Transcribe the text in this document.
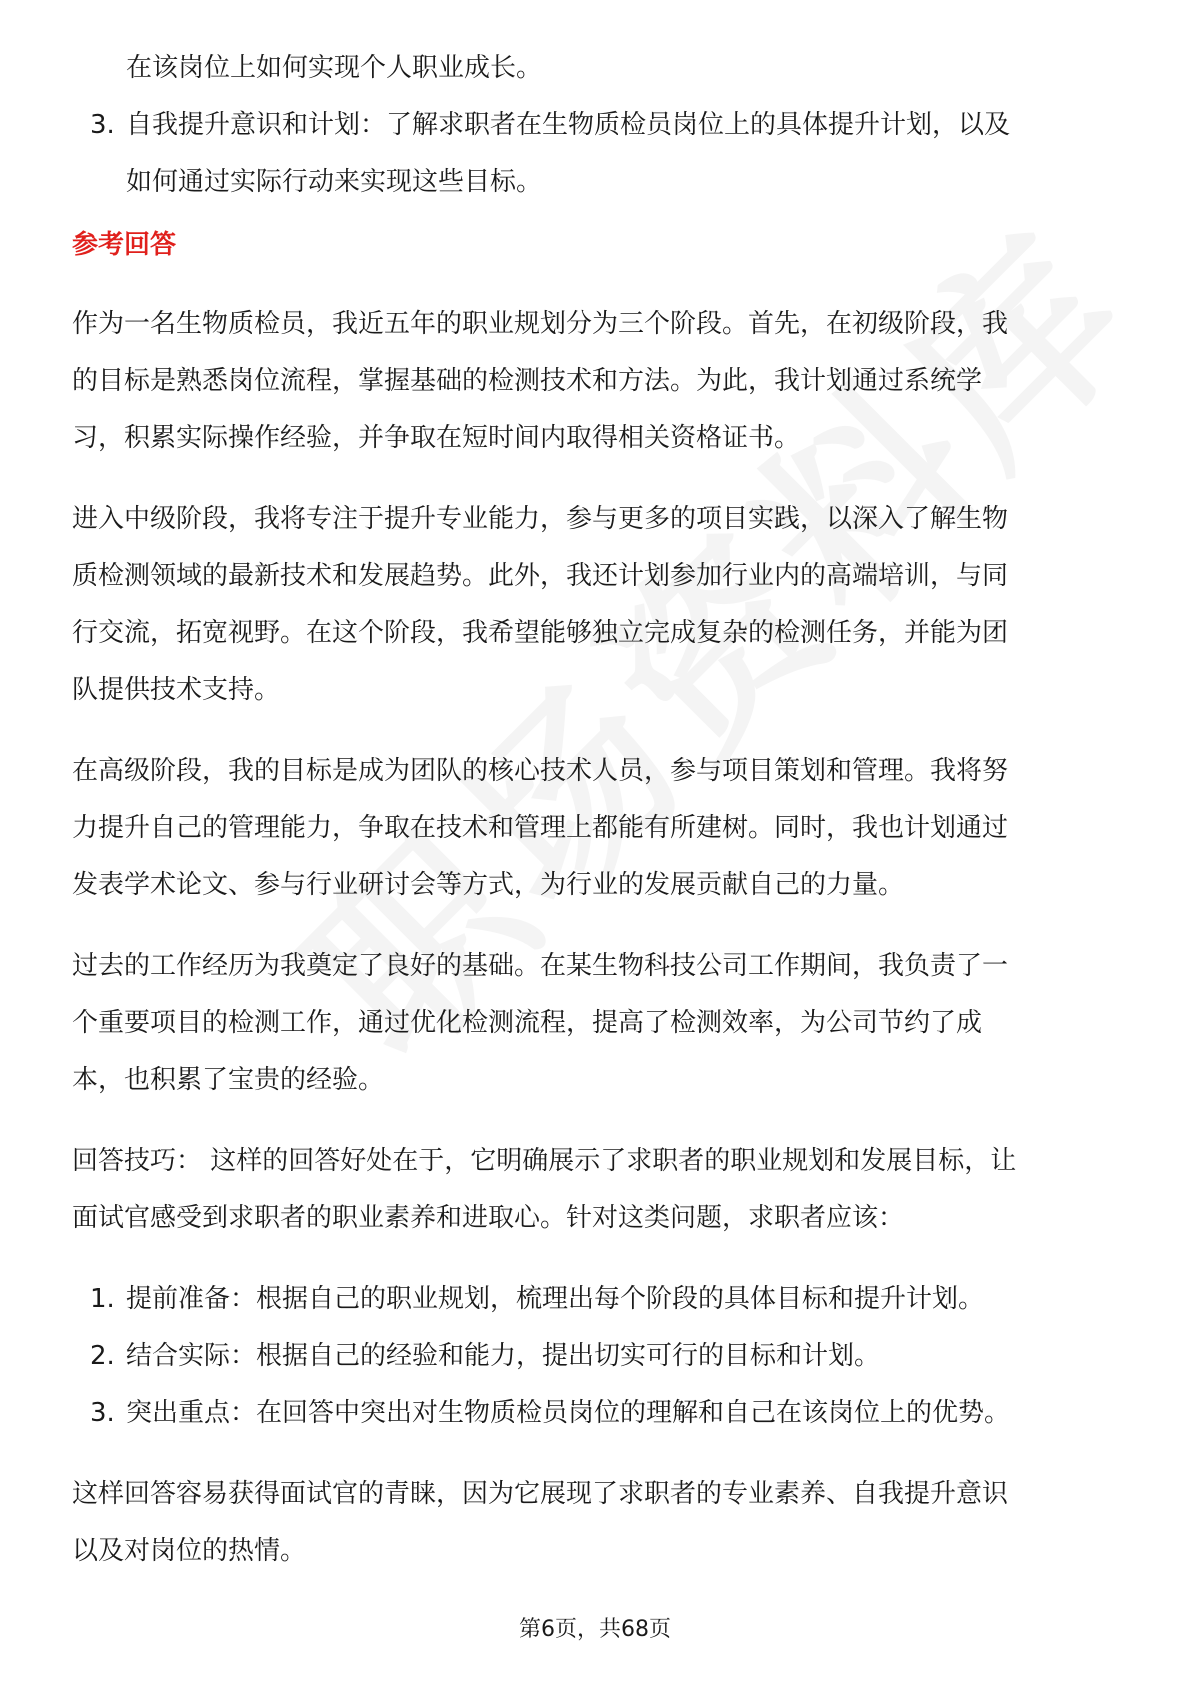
在该岗位上如何实现个人职业成长。
3. 自我提升意识和计划：了解求职者在生物质检员岗位上的具体提升计划，以及
如何通过实际行动来实现这些目标。
参考回答
作为一名生物质检员，我近五年的职业规划分为三个阶段。首先，在初级阶段，我
的目标是熟悉岗位流程，掌握基础的检测技术和方法。为此，我计划通过系统学
习，积累实际操作经验，并争取在短时间内取得相关资格证书。
进入中级阶段，我将专注于提升专业能力，参与更多的项目实践，以深入了解生物
质检测领域的最新技术和发展趋势。此外，我还计划参加行业内的高端培训，与同
行交流，拓宽视野。在这个阶段，我希望能够独立完成复杂的检测任务，并能为团
队提供技术支持。
在高级阶段，我的目标是成为团队的核心技术人员，参与项目策划和管理。我将努
力提升自己的管理能力，争取在技术和管理上都能有所建树。同时，我也计划通过
发表学术论文、参与行业研讨会等方式，为行业的发展贡献自己的力量。
过去的工作经历为我奠定了良好的基础。在某生物科技公司工作期间，我负责了一
个重要项目的检测工作，通过优化检测流程，提高了检测效率，为公司节约了成
本，也积累了宝贵的经验。
回答技巧： 这样的回答好处在于，它明确展示了求职者的职业规划和发展目标，让
面试官感受到求职者的职业素养和进取心。针对这类问题，求职者应该：
1. 提前准备：根据自己的职业规划，梳理出每个阶段的具体目标和提升计划。
2. 结合实际：根据自己的经验和能力，提出切实可行的目标和计划。
3. 突出重点：在回答中突出对生物质检员岗位的理解和自己在该岗位上的优势。
这样回答容易获得面试官的青睐，因为它展现了求职者的专业素养、自我提升意识
以及对岗位的热情。
第6页，共68页
